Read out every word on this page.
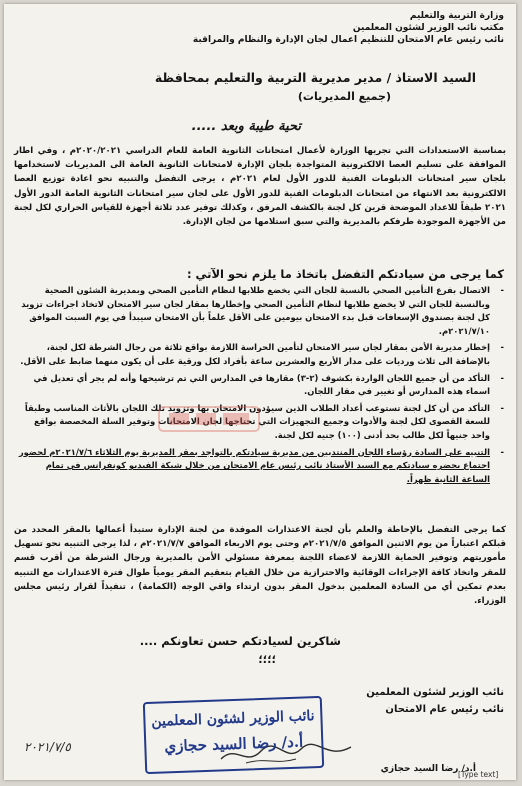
وزارة التربية والتعليم
مكتب نائب الوزير لشئون المعلمين
نائب رئيس عام الامتحان للتنظيم اعمال لجان الإدارة والنظام والمراقبة
السيد الاستاذ / مدير مديرية التربية والتعليم بمحافظة
(جميع المديريات)
تحية طيبة وبعد .....
بمناسبة الاستعدادات التي تجريها الوزارة لأعمال امتحانات الثانوية العامة للعام الدراسي ٢٠٢٠/٢٠٢١م ، وفي اطار الموافقة على تسليم العصا الالكترونية المتواجدة بلجان الإدارة لامتحانات الثانوية العامة الى المديريات لاستخدامها بلجان سير امتحانات الدبلومات الفنية للدور الأول لعام ٢٠٢١م ، يرجى التفضل والتنبيه نحو اعادة توزيع العصا الالكترونية بعد الانتهاء من امتحانات الدبلومات الفنية للدور الأول على لجان سير امتحانات الثانوية العامة الدور الأول ٢٠٢١ طبقاً للاعداد الموضحة قرين كل لجنة بالكشف المرفق ، وكذلك توفير عدد ثلاثة أجهزة للقياس الحراري لكل لجنة من الأجهزة الموجودة طرفكم بالمديرية والتي سبق استلامها من لجان الإدارة.
كما يرجى من سيادتكم التفضل باتخاذ ما يلزم نحو الآتي :
- الاتصال بفرع التأمين الصحي بالنسبة للجان التي يخضع طلابها لنظام التأمين الصحي وبمديرية الشئون الصحية وبالنسبة للجان التي لا يخضع طلابها لنظام التأمين الصحي وإخطارها بمقار لجان سير الامتحان لاتخاذ اجراءات تزويد كل لجنة بصندوق الإسعافات قبل بدء الامتحان بيومين على الأقل علماً بأن الامتحان سيبدأ في يوم السبت الموافق ٢٠٢١/٧/١٠م.
- إخطار مديرية الأمن بمقار لجان سير الامتحان لتأمين الحراسة اللازمة بواقع ثلاثة من رجال الشرطة لكل لجنة، بالإضافة الى ثلاث ورديات على مدار الأربع والعشرين ساعة بأفراد لكل ورقية على أن يكون منهما ضابط على الأقل.
- التأكد من أن جميع اللجان الواردة بكشوف (٢-٣) مقارها في المدارس التي تم ترشيحها وأنه لم يجر أي تعديل في اسماء هذه المدارس أو تغيير في مقار اللجان.
- التأكد من أن كل لجنة تستوعب أعداد الطلاب الذين سيؤدون الامتحان بها وتزويد تلك اللجان بالأثاث المناسب وطبقاً للسعة القصوى لكل لجنة والأدوات وجميع التجهيزات التي تحتاجها لجان الامتحانات وتوفير السلة المخصصة بواقع واحد جنيهاً لكل طالب بحد أدنى (١٠٠) جنيه لكل لجنة.
- التنبيه على السادة رؤساء اللجان المنتدبين من مديرية سيادتكم بالتواجد بمقر المديرية يوم الثلاثاء ٢٠٢١/٧/٦م لحضور اجتماع يحضره سيادتكم مع السيد الأستاذ نائب رئيس عام الامتحان من خلال شبكة الفيديو كونفرانس في تمام الساعة الثانية ظهراً.
كما يرجى التفضل بالإحاطة والعلم بأن لجنة الاعتذارات الموفدة من لجنة الإدارة ستبدأ أعمالها بالمقر المحدد من قبلكم اعتباراً من يوم الاثنين الموافق ٢٠٢١/٧/٥م وحتى يوم الاربعاء الموافق ٢٠٢١/٧/٧م ، لذا يرجى التنبيه نحو تسهيل مأموريتهم وتوفير الحماية اللازمة لاعضاء اللجنة بمعرفة مسئولي الأمن بالمديرية ورجال الشرطة من أقرب قسم للمقر واتخاذ كافة الإجراءات الوقائية والاحترازية من خلال القيام بتعقيم المقر يومياً طوال فترة الاعتذارات مع التنبيه بعدم تمكين أي من السادة المعلمين بدخول المقر بدون ارتداء واقي الوجه (الكمامة) ، تنفيذاً لقرار رئيس مجلس الوزراء.
شاكرين لسيادتكم حسن تعاونكم ....
؛؛؛؛
نائب الوزير لشئون المعلمين
نائب رئيس عام الامتحان
أ.د/ رضا السيد حجازي
نائب الوزير لشئون المعلمين
أ.د/ رضا السيد حجازي
٢٠٢١/٧/٥
[Type text]
